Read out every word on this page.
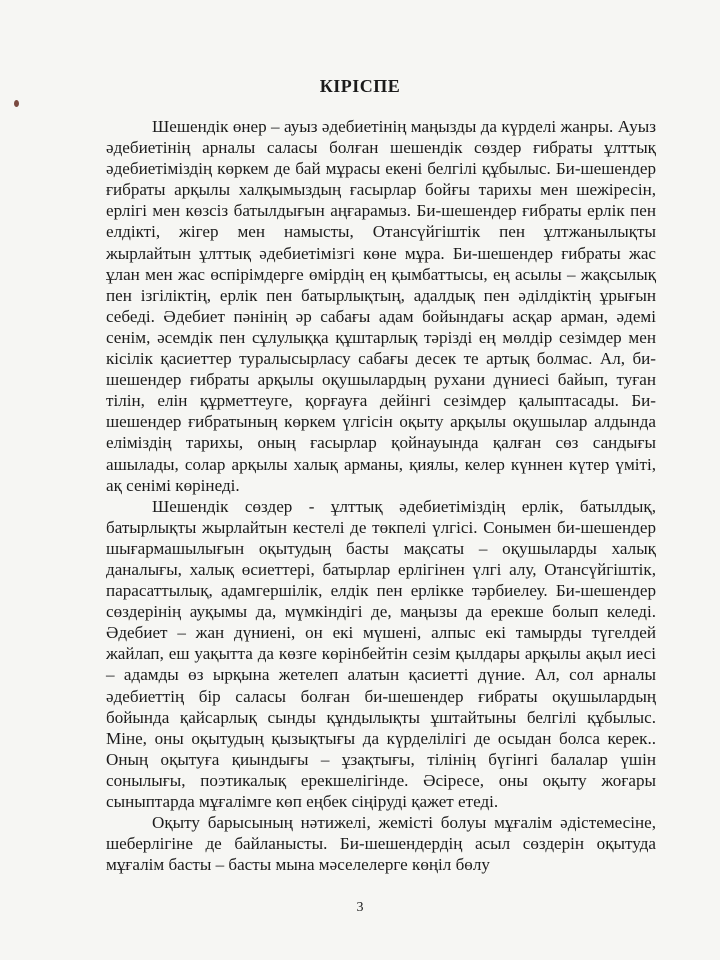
КІРІСПЕ

Шешендік өнер – ауыз әдебиетінің маңызды да күрделі жанры. Ауыз әдебиетінің арналы саласы болған шешендік сөздер ғибраты ұлттық әдебиетіміздің көркем де бай мұрасы екені белгілі құбылыс. Би-шешендер ғибраты арқылы халқымыздың ғасырлар бойғы тарихы мен шежіресін, ерлігі мен көзсіз батылдығын аңғарамыз. Би-шешендер ғибраты ерлік пен елдікті, жігер мен намысты, Отансүйгіштік пен ұлтжанылықты жырлайтын ұлттық әдебиетімізгі көне мұра. Би-шешендер ғибраты жас ұлан мен жас өспірімдерге өмірдің ең қымбаттысы, ең асылы – жақсылық пен ізгіліктің, ерлік пен батырлықтың, адалдық пен әділдіктің ұрығын себеді. Әдебиет пәнінің әр сабағы адам бойындағы асқар арман, әдемі сенім, әсемдік пен сұлулыққа құштарлық тәрізді ең мөлдір сезімдер мен кісілік қасиеттер туралысырласу сабағы десек те артық болмас. Ал, би-шешендер ғибраты арқылы оқушылардың рухани дүниесі байып, туған тілін, елін құрметтеуге, қорғауға дейінгі сезімдер қалыптасады. Би-шешендер ғибратының көркем үлгісін оқыту арқылы оқушылар алдында еліміздің тарихы, оның ғасырлар қойнауында қалған сөз сандығы ашылады, солар арқылы халық арманы, қиялы, келер күннен күтер үміті, ақ сенімі көрінеді.

Шешендік сөздер - ұлттық әдебиетіміздің ерлік, батылдық, батырлықты жырлайтын кестелі де төкпелі үлгісі. Сонымен би-шешендер шығармашылығын оқытудың басты мақсаты – оқушыларды халық даналығы, халық өсиеттері, батырлар ерлігінен үлгі алу, Отансүйгіштік, парасаттылық, адамгершілік, елдік пен ерлікке тәрбиелеу. Би-шешендер сөздерінің ауқымы да, мүмкіндігі де, маңызы да ерекше болып келеді. Әдебиет – жан дүниені, он екі мүшені, алпыс екі тамырды түгелдей жайлап, еш уақытта да көзге көрінбейтін сезім қылдары арқылы ақыл иесі – адамды өз ырқына жетелеп алатын қасиетті дүние. Ал, сол арналы әдебиеттің бір саласы болған би-шешендер ғибраты оқушылардың бойында қайсарлық сынды құндылықты ұштайтыны белгілі құбылыс. Міне, оны оқытудың қызықтығы да күрделілігі де осыдан болса керек.. Оның оқытуға қиындығы – ұзақтығы, тілінің бүгінгі балалар үшін сонылығы, поэтикалық ерекшелігінде. Әсіресе, оны оқыту жоғары сыныптарда мұғалімге көп еңбек сіңіруді қажет етеді.

Оқыту барысының нәтижелі, жемісті болуы мұғалім әдістемесіне, шеберлігіне де байланысты. Би-шешендердің асыл сөздерін оқытуда мұғалім басты – басты мына мәселелерге көңіл бөлу

3
